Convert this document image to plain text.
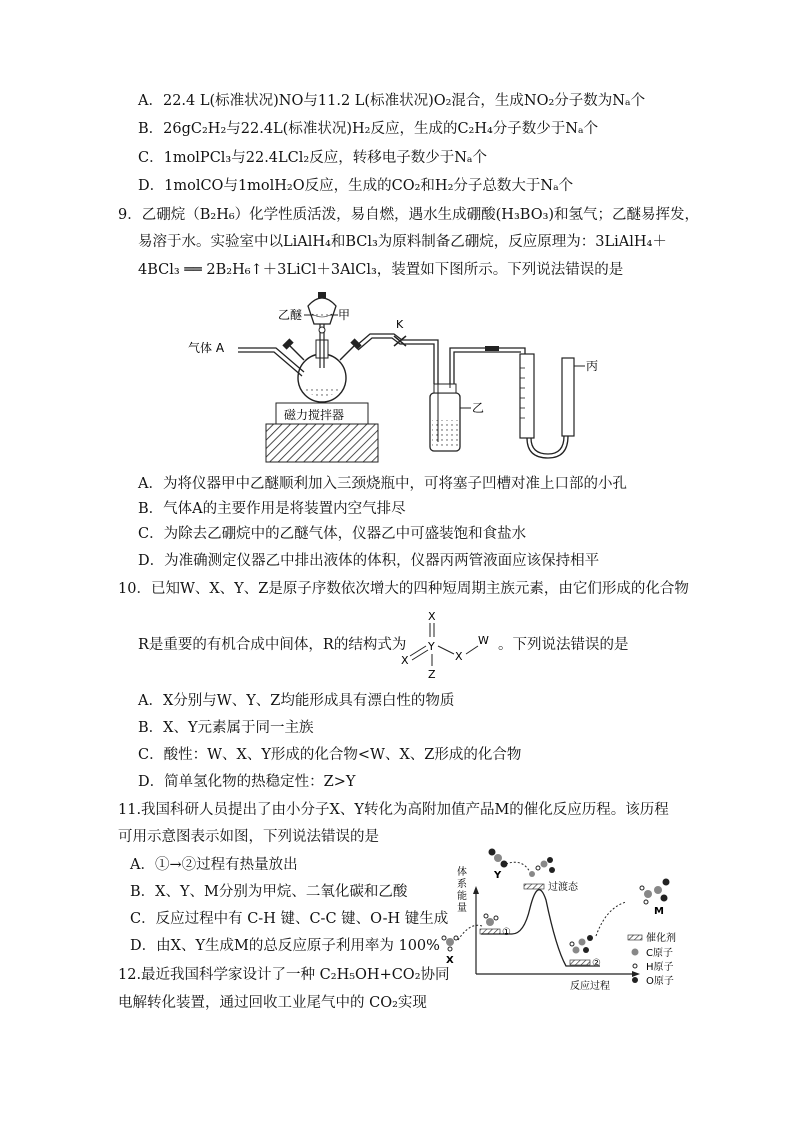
A．22.4 L(标准状况)NO与11.2 L(标准状况)O₂混合，生成NO₂分子数为Nₐ个
B．26gC₂H₂与22.4L(标准状况)H₂反应，生成的C₂H₄分子数少于Nₐ个
C．1molPCl₃与22.4LCl₂反应，转移电子数少于Nₐ个
D．1molCO与1molH₂O反应，生成的CO₂和H₂分子总数大于Nₐ个
9．乙硼烷（B₂H₆）化学性质活泼，易自燃，遇水生成硼酸(H₃BO₃)和氢气；乙醚易挥发，
易溶于水。实验室中以LiAlH₄和BCl₃为原料制备乙硼烷，反应原理为：3LiAlH₄＋
4BCl₃ ══ 2B₂H₆↑＋3LiCl＋3AlCl₃，装置如下图所示。下列说法错误的是
磁力搅拌器
气体 A
乙醚	甲
K
乙
丙
A．为将仪器甲中乙醚顺利加入三颈烧瓶中，可将塞子凹槽对准上口部的小孔
B．气体A的主要作用是将装置内空气排尽
C．为除去乙硼烷中的乙醚气体，仪器乙中可盛装饱和食盐水
D．为准确测定仪器乙中排出液体的体积，仪器丙两管液面应该保持相平
10．已知W、X、Y、Z是原子序数依次增大的四种短周期主族元素，由它们形成的化合物
R是重要的有机合成中间体，R的结构式为
X
Y
X	X
W
Z
。下列说法错误的是
A．X分别与W、Y、Z均能形成具有漂白性的物质
B．X、Y元素属于同一主族
C．酸性：W、X、Y形成的化合物<W、X、Z形成的化合物
D．简单氢化物的热稳定性：Z>Y
11.我国科研人员提出了由小分子X、Y转化为高附加值产品M的催化反应历程。该历程
可用示意图表示如图，下列说法错误的是
A．①→②过程有热量放出
B．X、Y、M分别为甲烷、二氧化碳和乙酸
C．反应过程中有 C-H 键、C-C 键、O-H 键生成
D．由X、Y生成M的总反应原子利用率为 100%
体
系
能
量
反应过程
①
过渡态
②
X
Y
M
催化剂
C原子
H原子
O原子
12.最近我国科学家设计了一种 C₂H₅OH+CO₂协同
电解转化装置，通过回收工业尾气中的 CO₂实现
